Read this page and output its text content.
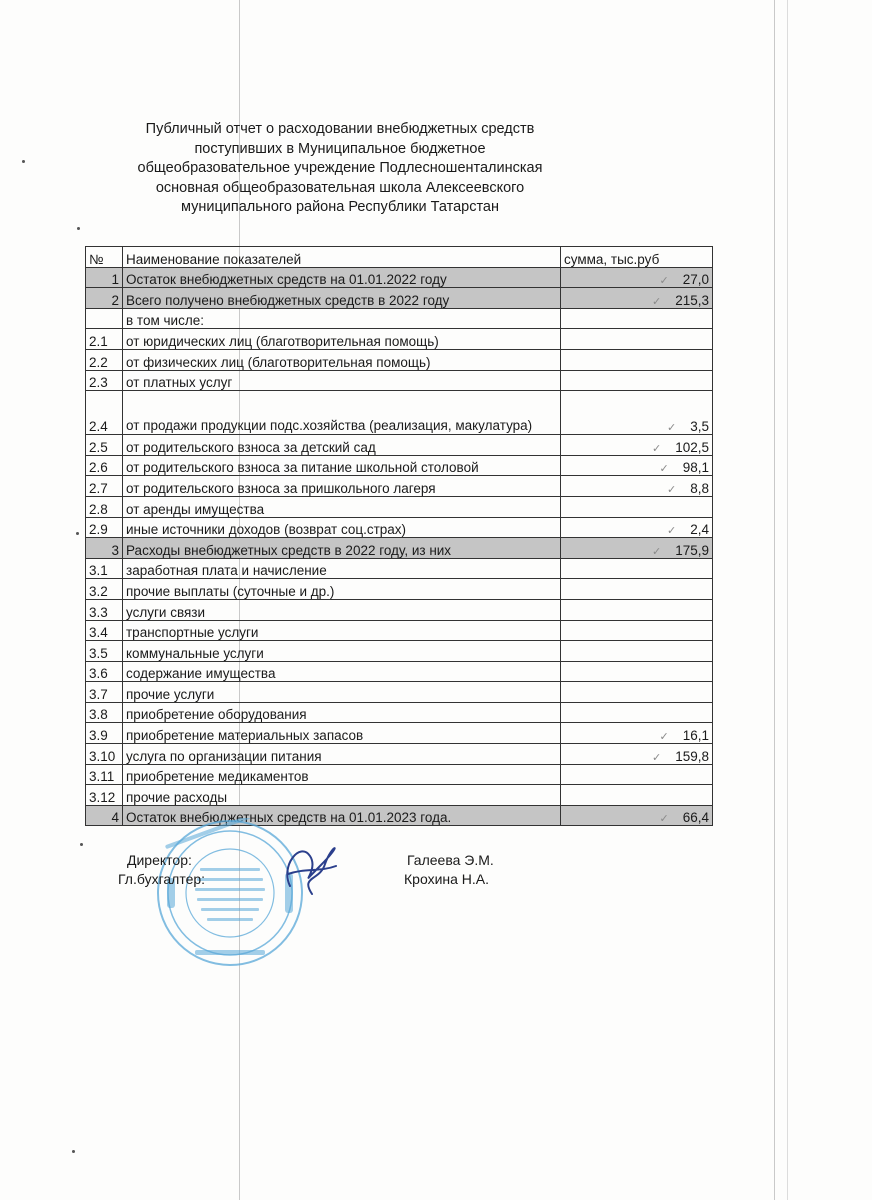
Публичный отчет о расходовании внебюджетных средств
поступивших в Муниципальное бюджетное
общеобразовательное учреждение Подлесношенталинская
основная общеобразовательная школа Алексеевского
муниципального района Республики Татарстан
№	Наименование показателей	сумма, тыс.руб
1	Остаток внебюджетных средств на 01.01.2022 году	✓ 27,0
2	Всего получено внебюджетных средств в 2022 году	✓ 215,3
	в том числе:	
2.1	от юридических лиц (благотворительная помощь)	
2.2	от физических лиц (благотворительная помощь)	
2.3	от платных услуг	
2.4	от продажи продукции подс.хозяйства (реализация, макулатура)	✓ 3,5
2.5	от родительского взноса за детский сад	✓ 102,5
2.6	от родительского взноса за питание школьной столовой	✓ 98,1
2.7	от родительского взноса за пришкольного лагеря	✓ 8,8
2.8	от аренды имущества	
2.9	иные источники доходов (возврат соц.страх)	✓ 2,4
3	Расходы внебюджетных средств в 2022 году, из них	✓ 175,9
3.1	заработная плата и начисление	
3.2	прочие выплаты (суточные и др.)	
3.3	услуги связи	
3.4	транспортные услуги	
3.5	коммунальные услуги	
3.6	содержание имущества	
3.7	прочие услуги	
3.8	приобретение оборудования	
3.9	приобретение материальных запасов	✓ 16,1
3.10	услуга по организации питания	✓ 159,8
3.11	приобретение медикаментов	
3.12	прочие расходы	
4	Остаток внебюджетных средств на 01.01.2023 года.	✓ 66,4
Директор:	Галеева Э.М.
Гл.бухгалтер:	Крохина Н.А.
